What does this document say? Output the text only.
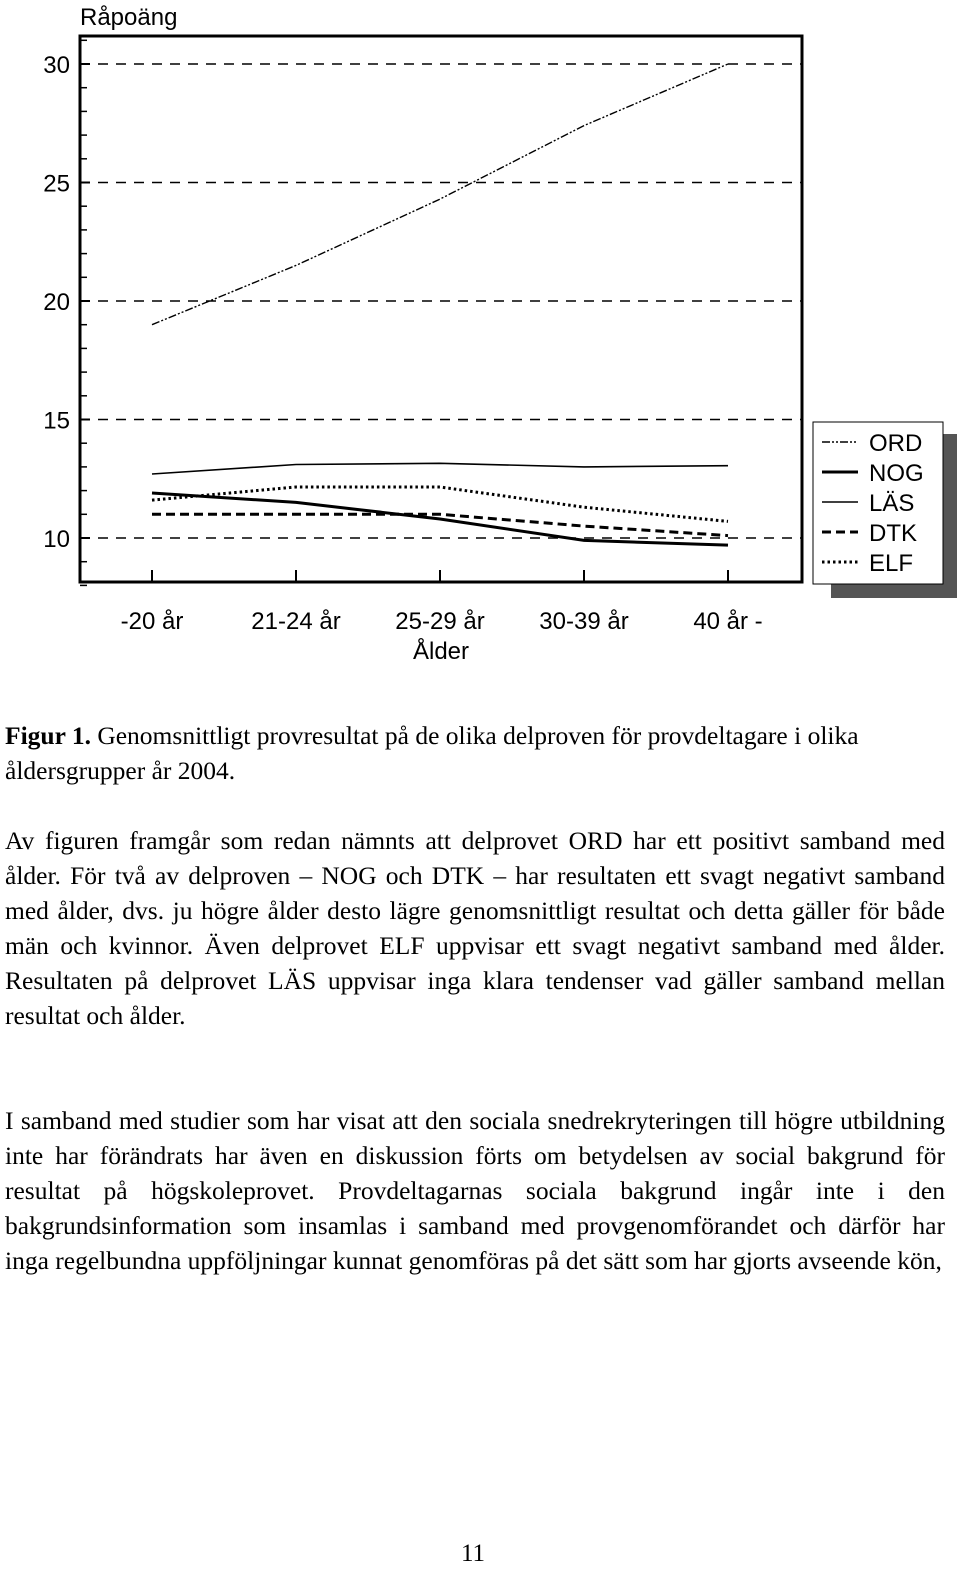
Råpoäng
10
15
20
25
30
-20 år	21-24 år 25-29 år 30-39 år	40 år -
Ålder
ORD
NOG
LÄS
DTK
ELF
Figur 1. Genomsnittligt provresultat på de olika delproven för provdeltagare i olika åldersgrupper år 2004.

Av figuren framgår som redan nämnts att delprovet ORD har ett positivt samband med ålder. För två av delproven – NOG och DTK – har resultaten ett svagt negativt samband med ålder, dvs. ju högre ålder desto lägre genomsnittligt resultat och detta gäller för både män och kvinnor. Även delprovet ELF uppvisar ett svagt negativt samband med ålder. Resultaten på delprovet LÄS uppvisar inga klara tendenser vad gäller samband mellan resultat och ålder.

I samband med studier som har visat att den sociala snedrekryteringen till högre utbildning inte har förändrats har även en diskussion förts om betydelsen av social bakgrund för resultat på högskoleprovet. Provdeltagarnas sociala bakgrund ingår inte i den bakgrundsinformation som insamlas i samband med provgenomförandet och därför har inga regelbundna uppföljningar kunnat genomföras på det sätt som har gjorts avseende kön,

11
